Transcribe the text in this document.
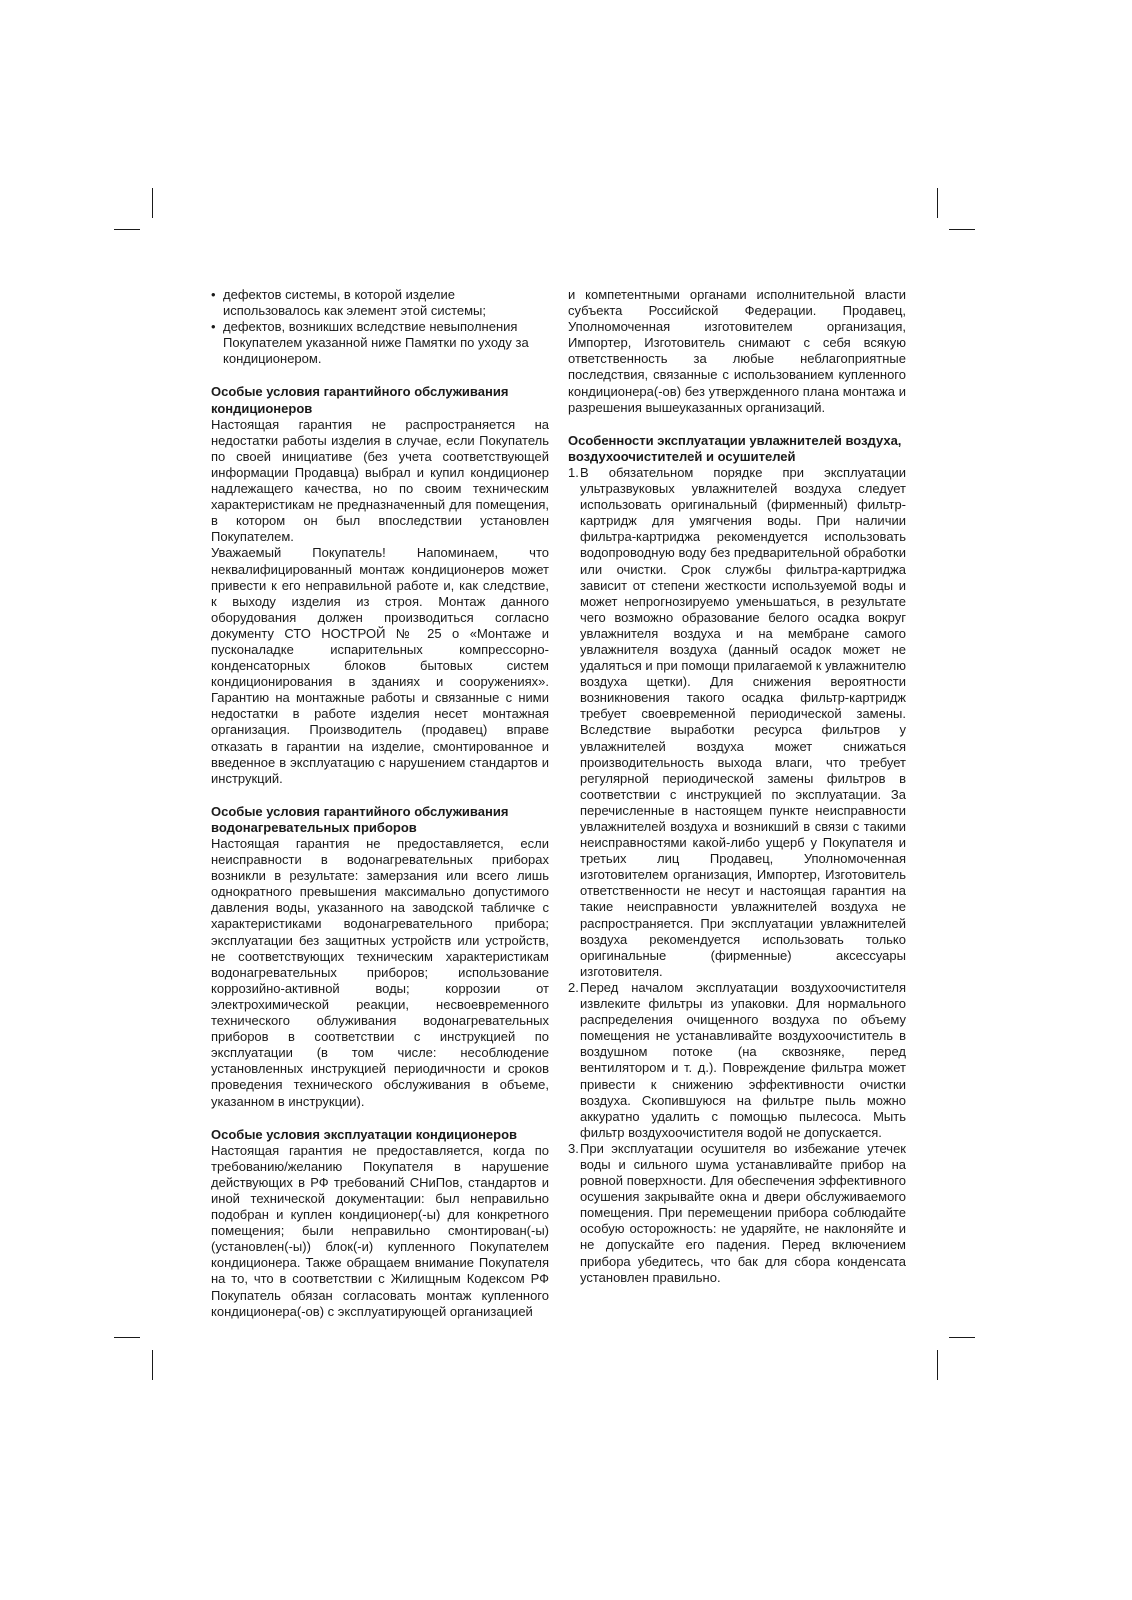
• дефектов системы, в которой изделие использовалось как элемент этой системы;
• дефектов, возникших вследствие невыполнения Покупателем указанной ниже Памятки по уходу за кондиционером.
Особые условия гарантийного обслуживания кондиционеров

Настоящая гарантия не распространяется на недостатки работы изделия в случае, если Покупатель по своей инициативе (без учета соответствующей информации Продавца) выбрал и купил кондиционер надлежащего качества, но по своим техническим характеристикам не предназначенный для помещения, в котором он был впоследствии установлен Покупателем.

Уважаемый Покупатель! Напоминаем, что неквалифицированный монтаж кондиционеров может привести к его неправильной работе и, как следствие, к выходу изделия из строя. Монтаж данного оборудования должен производиться согласно документу СТО НОСТРОЙ № 25 о «Монтаже и пусконаладке испарительных компрессорно-конденсаторных блоков бытовых систем кондиционирования в зданиях и сооружениях». Гарантию на монтажные работы и связанные с ними недостатки в работе изделия несет монтажная организация. Производитель (продавец) вправе отказать в гарантии на изделие, смонтированное и введенное в эксплуатацию с нарушением стандартов и инструкций.

Особые условия гарантийного обслуживания водонагревательных приборов

Настоящая гарантия не предоставляется, если неисправности в водонагревательных приборах возникли в результате: замерзания или всего лишь однократного превышения максимально допустимого давления воды, указанного на заводской табличке с характеристиками водонагревательного прибора; эксплуатации без защитных устройств или устройств, не соответствующих техническим характеристикам водонагревательных приборов; использование коррозийно-активной воды; коррозии от электрохимической реакции, несвоевременного технического облуживания водонагревательных приборов в соответствии с инструкцией по эксплуатации (в том числе: несоблюдение установленных инструкцией периодичности и сроков проведения технического обслуживания в объеме, указанном в инструкции).

Особые условия эксплуатации кондиционеров

Настоящая гарантия не предоставляется, когда по требованию/желанию Покупателя в нарушение действующих в РФ требований СНиПов, стандартов и иной технической документации: был неправильно подобран и куплен кондиционер(-ы) для конкретного помещения; были неправильно смонтирован(-ы) (установлен(-ы)) блок(-и) купленного Покупателем кондиционера. Также обращаем внимание Покупателя на то, что в соответствии с Жилищным Кодексом РФ Покупатель обязан согласовать монтаж купленного кондиционера(-ов) с эксплуатирующей организацией

и компетентными органами исполнительной власти субъекта Российской Федерации. Продавец, Уполномоченная изготовителем организация, Импортер, Изготовитель снимают с себя всякую ответственность за любые неблагоприятные последствия, связанные с использованием купленного кондиционера(-ов) без утвержденного плана монтажа и разрешения вышеуказанных организаций.

Особенности эксплуатации увлажнителей воздуха, воздухоочистителей и осушителей
1. В обязательном порядке при эксплуатации ультразвуковых увлажнителей воздуха следует использовать оригинальный (фирменный) фильтр-картридж для умягчения воды. При наличии фильтра-картриджа рекомендуется использовать водопроводную воду без предварительной обработки или очистки. Срок службы фильтра-картриджа зависит от степени жесткости используемой воды и может непрогнозируемо уменьшаться, в результате чего возможно образование белого осадка вокруг увлажнителя воздуха и на мембране самого увлажнителя воздуха (данный осадок может не удаляться и при помощи прилагаемой к увлажнителю воздуха щетки). Для снижения вероятности возникновения такого осадка фильтр-картридж требует своевременной периодической замены. Вследствие выработки ресурса фильтров у увлажнителей воздуха может снижаться производительность выхода влаги, что требует регулярной периодической замены фильтров в соответствии с инструкцией по эксплуатации. За перечисленные в настоящем пункте неисправности увлажнителей воздуха и возникший в связи с такими неисправностями какой-либо ущерб у Покупателя и третьих лиц Продавец, Уполномоченная изготовителем организация, Импортер, Изготовитель ответственности не несут и настоящая гарантия на такие неисправности увлажнителей воздуха не распространяется. При эксплуатации увлажнителей воздуха рекомендуется использовать только оригинальные (фирменные) аксессуары изготовителя.
2. Перед началом эксплуатации воздухоочистителя извлеките фильтры из упаковки. Для нормального распределения очищенного воздуха по объему помещения не устанавливайте воздухоочиститель в воздушном потоке (на сквозняке, перед вентилятором и т. д.). Повреждение фильтра может привести к снижению эффективности очистки воздуха. Скопившуюся на фильтре пыль можно аккуратно удалить с помощью пылесоса. Мыть фильтр воздухоочистителя водой не допускается.
3. При эксплуатации осушителя во избежание утечек воды и сильного шума устанавливайте прибор на ровной поверхности. Для обеспечения эффективного осушения закрывайте окна и двери обслуживаемого помещения. При перемещении прибора соблюдайте особую осторожность: не ударяйте, не наклоняйте и не допускайте его падения. Перед включением прибора убедитесь, что бак для сбора конденсата установлен правильно.
